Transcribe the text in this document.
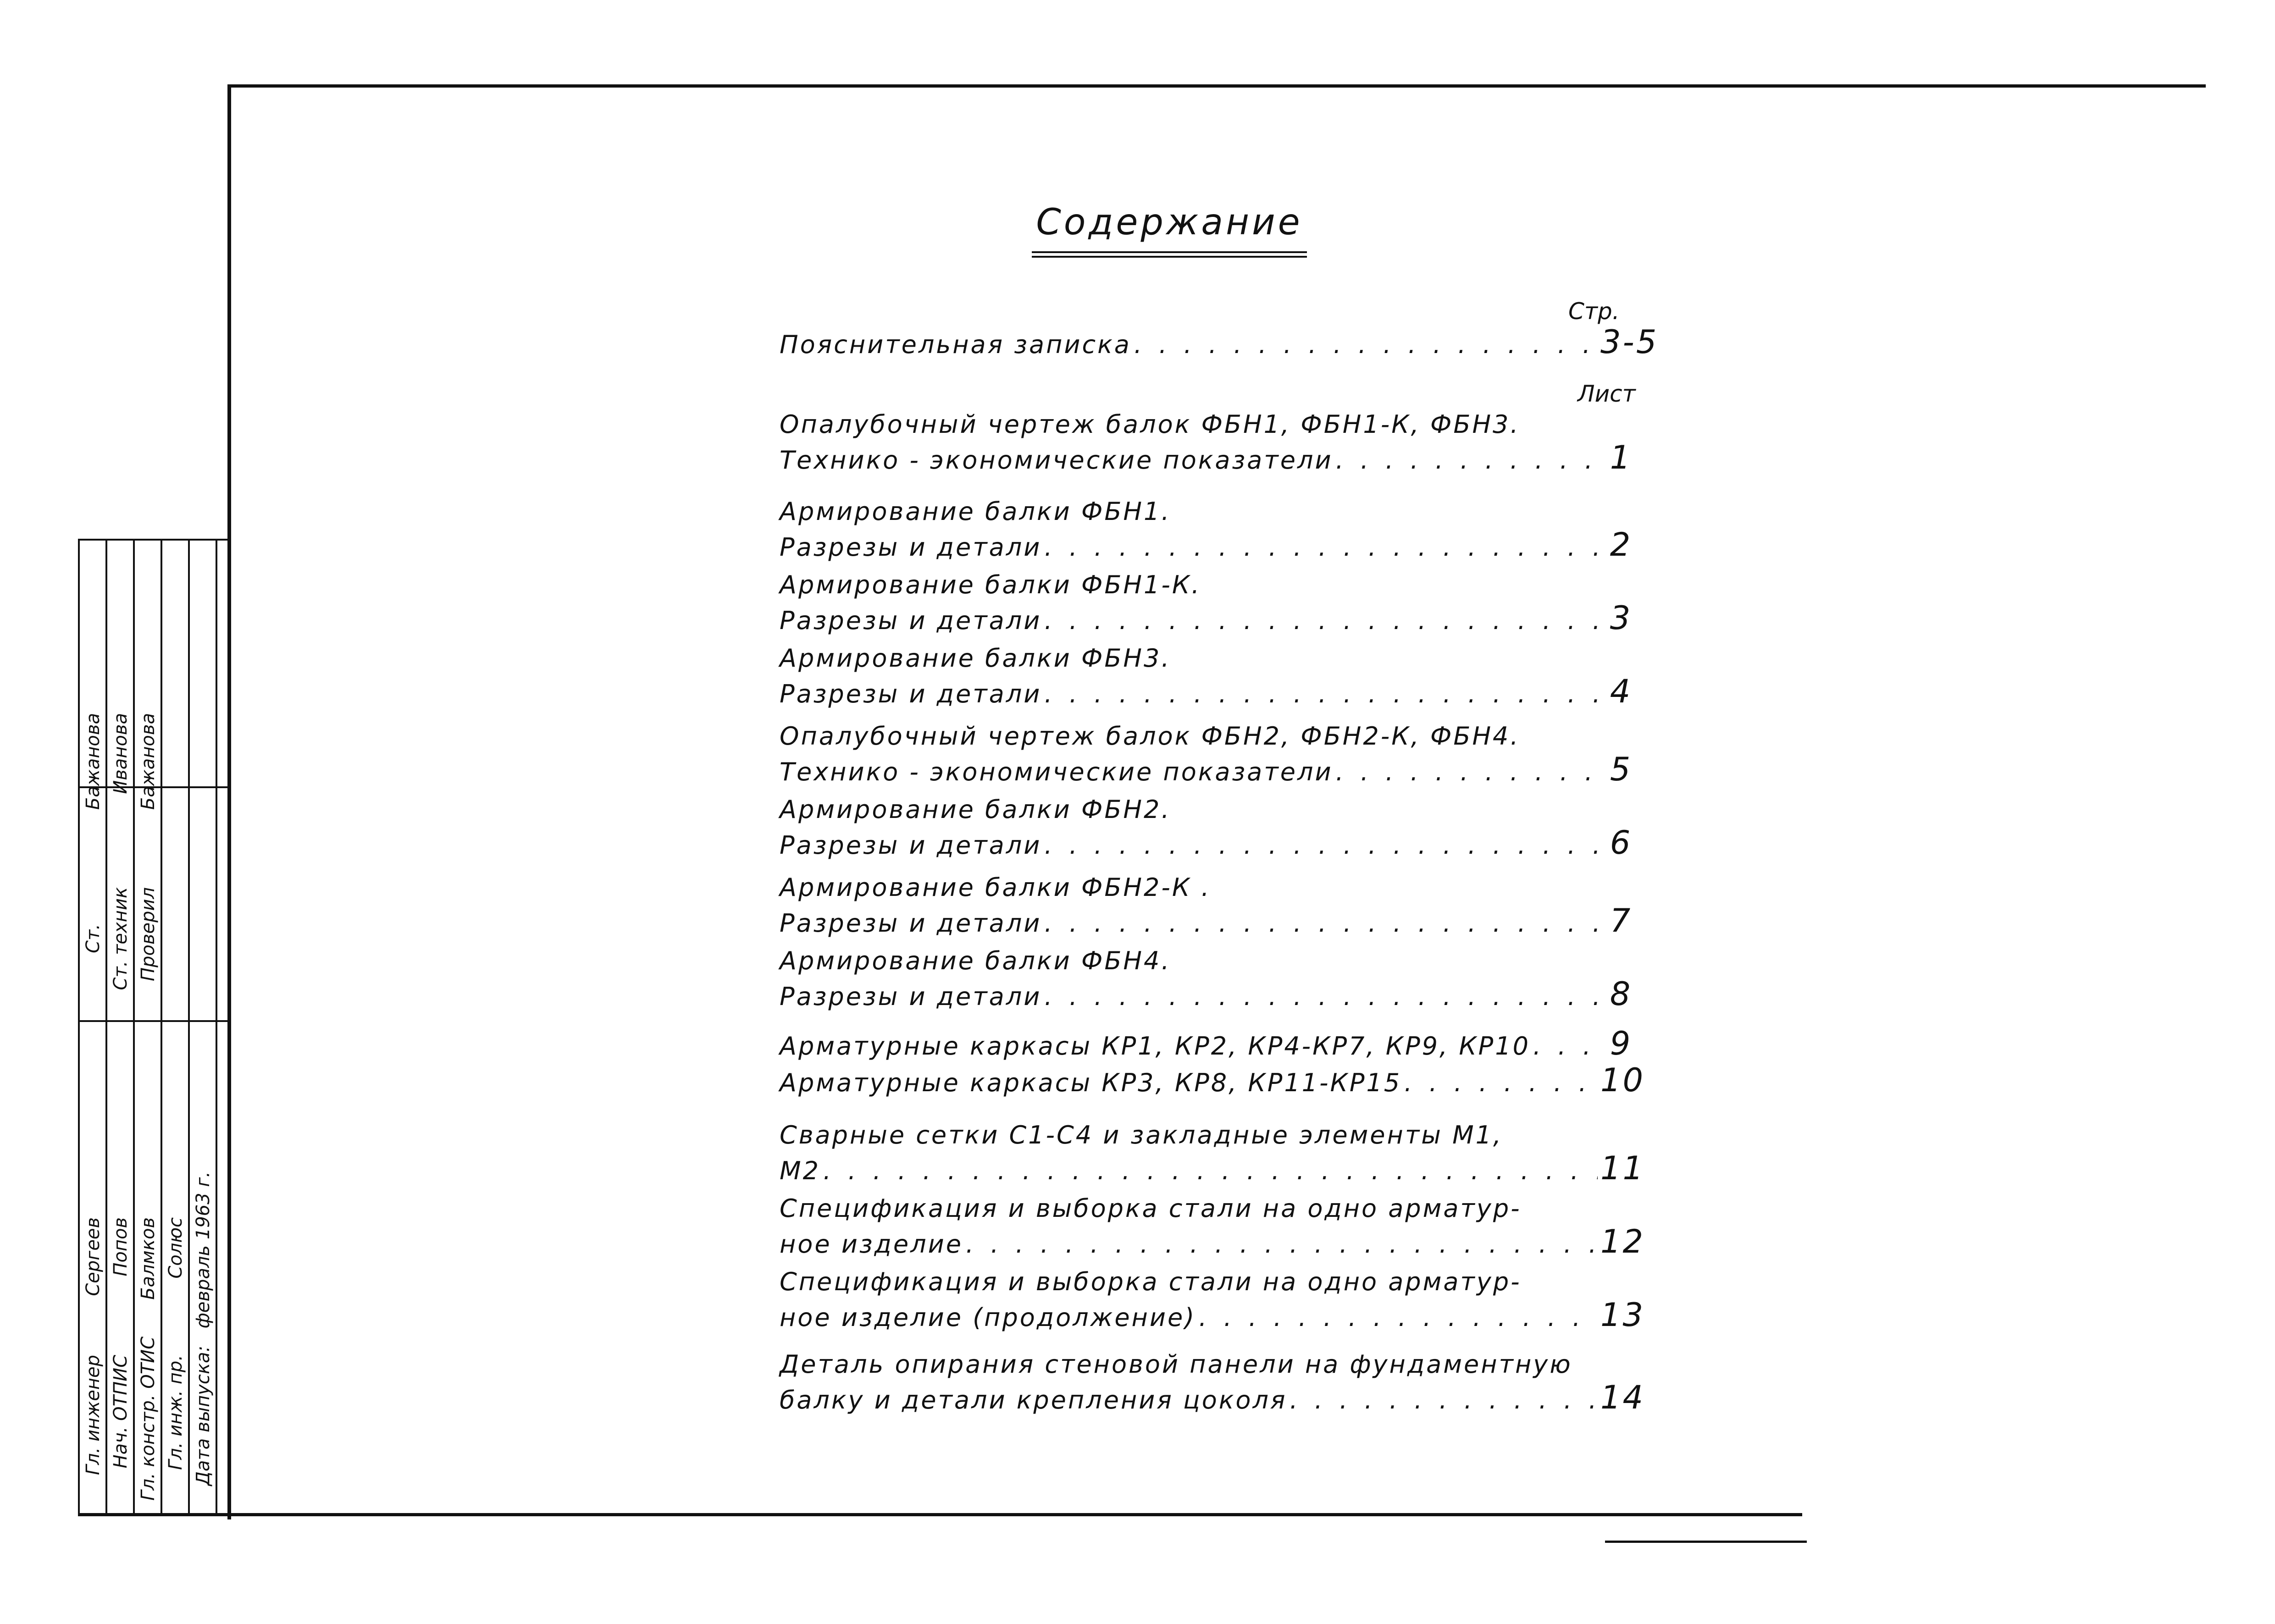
Содержание
Стр.
Лист
Пояснительная записка . . .	3-5
Опалубочный чертеж балок ФБН1, ФБН1-К, ФБН3.
Технико - экономические показатели . . .	1
Армирование балки ФБН1.
Разрезы и детали . . .	2
Армирование балки ФБН1-К.
Разрезы и детали . . .	3
Армирование балки ФБН3.
Разрезы и детали . . .	4
Опалубочный чертеж балок ФБН2, ФБН2-К, ФБН4.
Технико - экономические показатели . . .	5
Армирование балки ФБН2.
Разрезы и детали . . .	6
Армирование балки ФБН2-К .
Разрезы и детали . . .	7
Армирование балки ФБН4.
Разрезы и детали . . .	8
Арматурные каркасы КР1, КР2, КР4-КР7, КР9, КР10 . . . 9
Арматурные каркасы КР3, КР8, КР11-КР15 . . .	10
Сварные сетки С1-С4 и закладные элементы М1,
М2 . . .	11
Спецификация и выборка стали на одно арматур-
ное изделие . . .	12
Спецификация и выборка стали на одно арматур-
ное изделие (продолжение) . . .	13
Деталь опирания стеновой панели на фундаментную
балку и детали крепления цоколя . . .	14
Гл. инженер
Сергеев
Нач. ОТПИС
Попов
Гл. констр. ОТИС
Балмков
Гл. инж. пр.
Солюс
Дата выпуска:
февраль 1963 г.
Ст.
Бажанова
Ст. техник
Иванова
Проверил
Бажанова
